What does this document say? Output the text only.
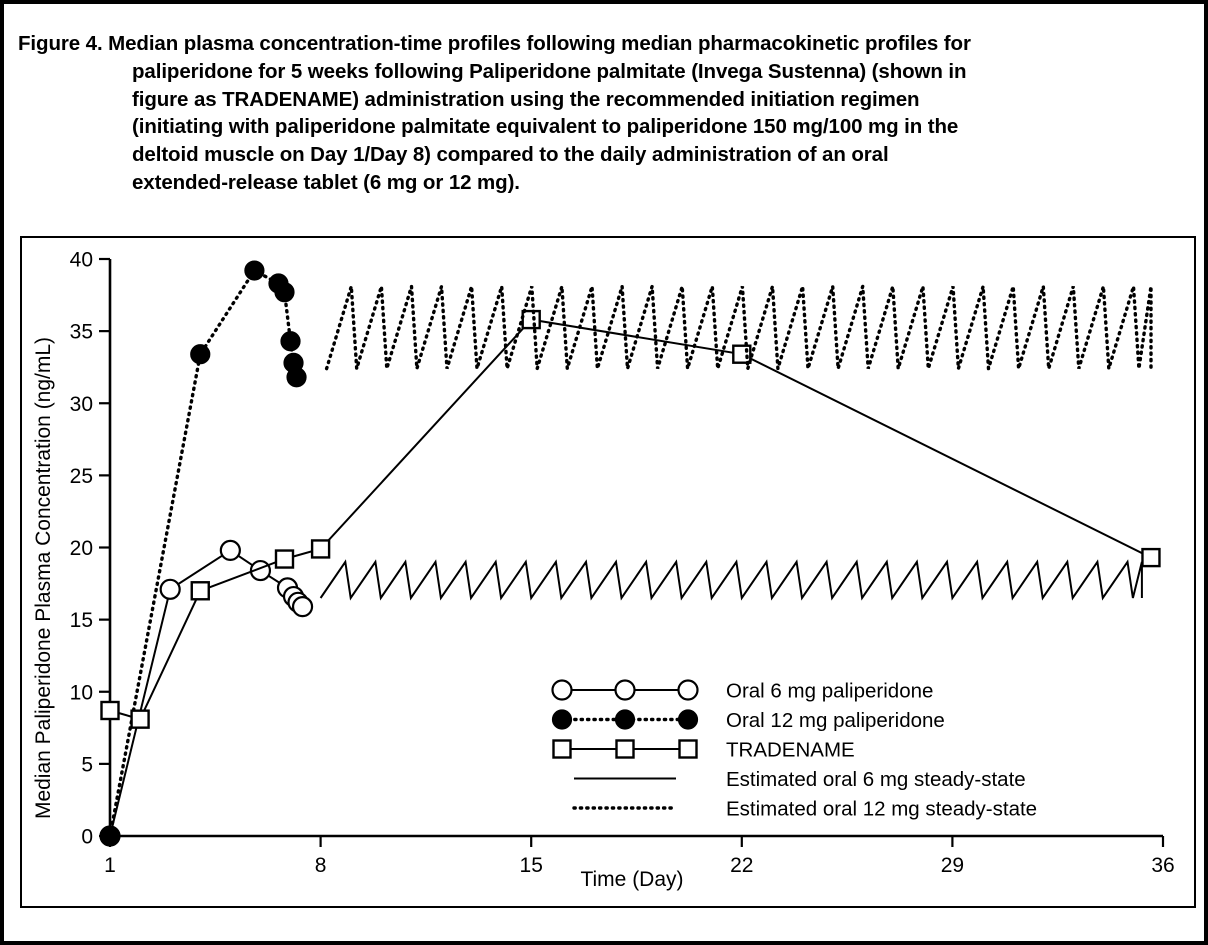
Figure 4. Median plasma concentration-time profiles following median pharmacokinetic profiles for
paliperidone for 5 weeks following Paliperidone palmitate (Invega Sustenna) (shown in
figure as TRADENAME) administration using the recommended initiation regimen
(initiating with paliperidone palmitate equivalent to paliperidone 150 mg/100 mg in the
deltoid muscle on Day 1/Day 8) compared to the daily administration of an oral
extended-release tablet (6 mg or 12 mg).
0
5
10
15
20
25
30
35
40
1	8	15	22	29	36
Median Paliperidone Plasma Concentration (ng/mL)
Time (Day)
Oral 6 mg paliperidone
Oral 12 mg paliperidone
TRADENAME
Estimated oral 6 mg steady-state
Estimated oral 12 mg steady-state
